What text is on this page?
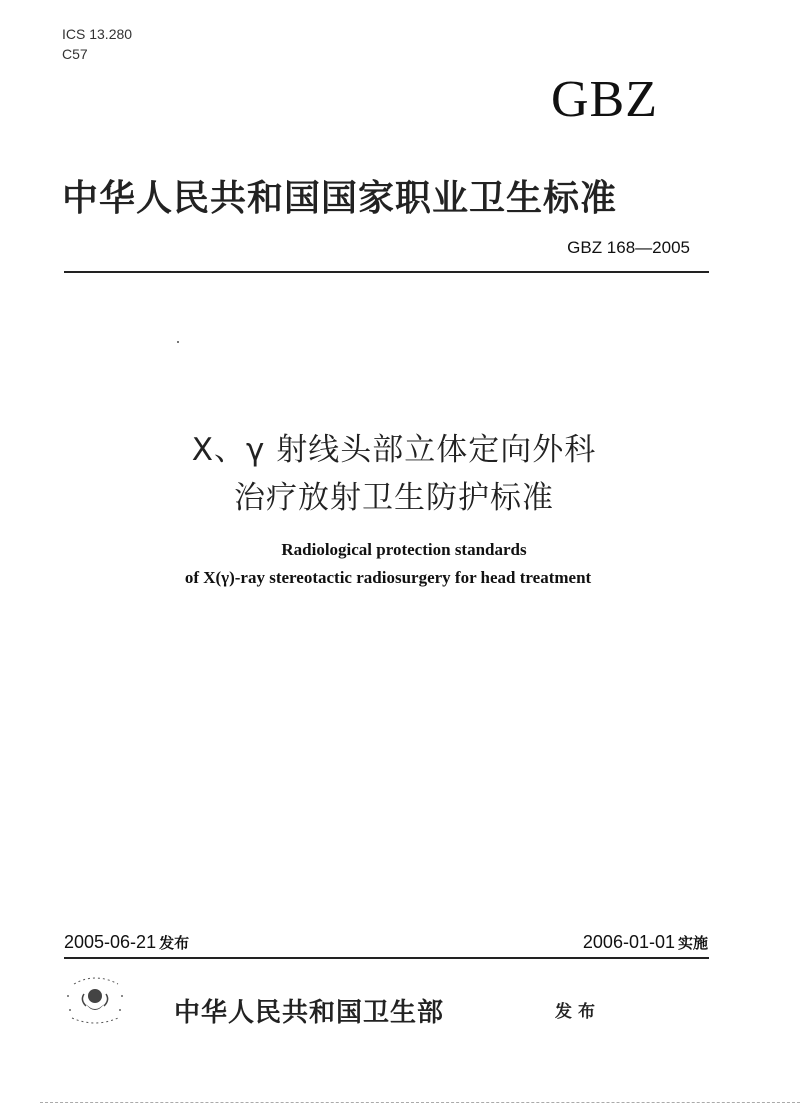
ICS 13.280
C57
GBZ
中华人民共和国国家职业卫生标准
GBZ 168—2005
X、γ 射线头部立体定向外科
治疗放射卫生防护标准
Radiological protection standards
of X(γ)-ray stereotactic radiosurgery for head treatment
2005-06-21 发布	2006-01-01 实施
中华人民共和国卫生部	发布
